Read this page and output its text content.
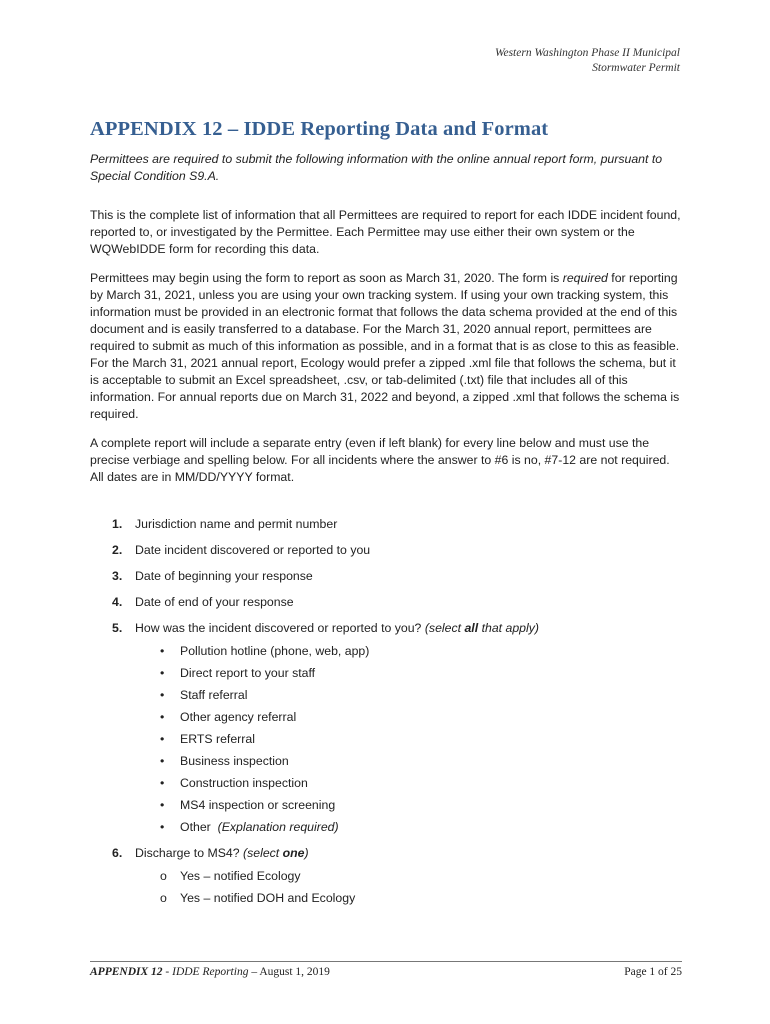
Western Washington Phase II Municipal
Stormwater Permit
APPENDIX 12 – IDDE Reporting Data and Format

Permittees are required to submit the following information with the online annual report form, pursuant to Special Condition S9.A.

This is the complete list of information that all Permittees are required to report for each IDDE incident found, reported to, or investigated by the Permittee. Each Permittee may use either their own system or the WQWebIDDE form for recording this data.

Permittees may begin using the form to report as soon as March 31, 2020. The form is required for reporting by March 31, 2021, unless you are using your own tracking system. If using your own tracking system, this information must be provided in an electronic format that follows the data schema provided at the end of this document and is easily transferred to a database. For the March 31, 2020 annual report, permittees are required to submit as much of this information as possible, and in a format that is as close to this as feasible. For the March 31, 2021 annual report, Ecology would prefer a zipped .xml file that follows the schema, but it is acceptable to submit an Excel spreadsheet, .csv, or tab-delimited (.txt) file that includes all of this information. For annual reports due on March 31, 2022 and beyond, a zipped .xml that follows the schema is required.

A complete report will include a separate entry (even if left blank) for every line below and must use the precise verbiage and spelling below. For all incidents where the answer to #6 is no, #7-12 are not required. All dates are in MM/DD/YYYY format.

1. Jurisdiction name and permit number
2. Date incident discovered or reported to you
3. Date of beginning your response
4. Date of end of your response
5. How was the incident discovered or reported to you? (select all that apply)
• Pollution hotline (phone, web, app)
• Direct report to your staff
• Staff referral
• Other agency referral
• ERTS referral
• Business inspection
• Construction inspection
• MS4 inspection or screening
• Other (Explanation required)
6. Discharge to MS4? (select one)
o Yes – notified Ecology
o Yes – notified DOH and Ecology
APPENDIX 12 - IDDE Reporting – August 1, 2019	Page 1 of 25
